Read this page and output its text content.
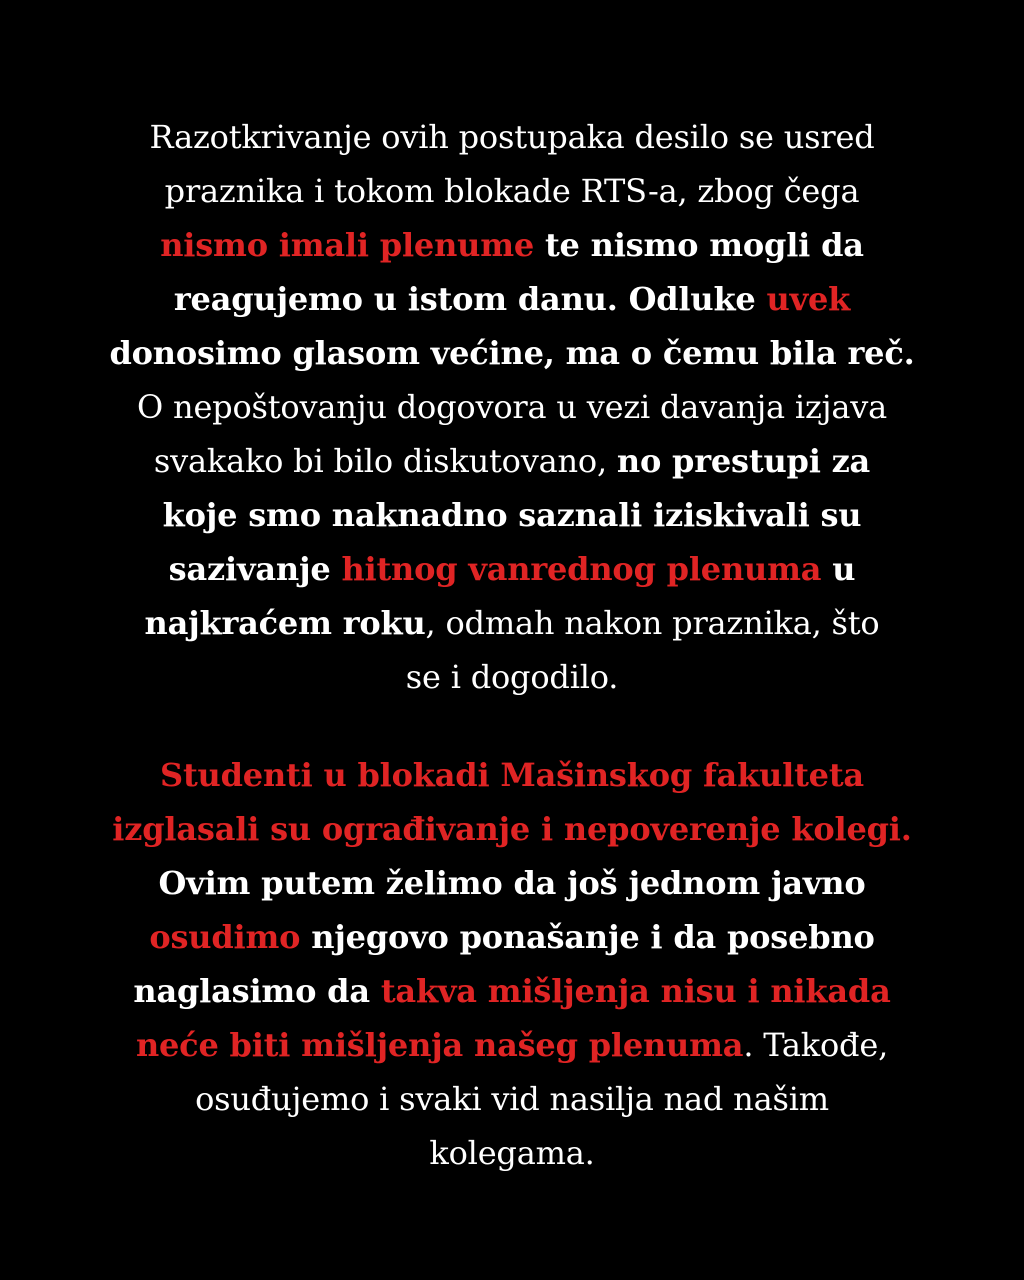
Razotkrivanje ovih postupaka desilo se usred
praznika i tokom blokade RTS-a, zbog čega
nismo imali plenume te nismo mogli da
reagujemo u istom danu. Odluke uvek
donosimo glasom većine, ma o čemu bila reč.
O nepoštovanju dogovora u vezi davanja izjava
svakako bi bilo diskutovano, no prestupi za
koje smo naknadno saznali iziskivali su
sazivanje hitnog vanrednog plenuma u
najkraćem roku, odmah nakon praznika, što
se i dogodilo.

Studenti u blokadi Mašinskog fakulteta
izglasali su ograđivanje i nepoverenje kolegi.
Ovim putem želimo da još jednom javno
osudimo njegovo ponašanje i da posebno
naglasimo da takva mišljenja nisu i nikada
neće biti mišljenja našeg plenuma. Takođe,
osuđujemo i svaki vid nasilja nad našim
kolegama.
